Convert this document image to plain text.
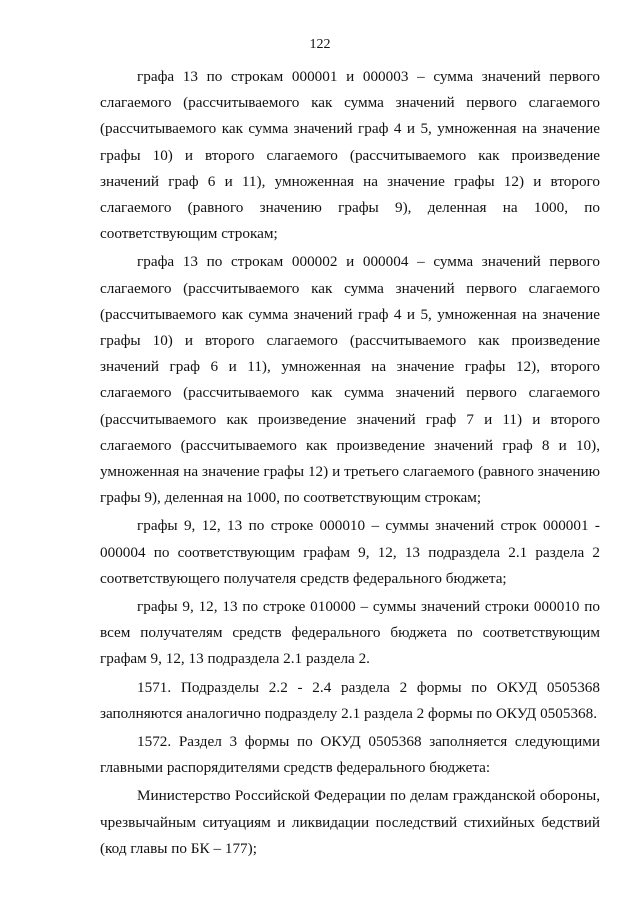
122

графа 13 по строкам 000001 и 000003 – сумма значений первого слагаемого (рассчитываемого как сумма значений первого слагаемого (рассчитываемого как сумма значений граф 4 и 5, умноженная на значение графы 10) и второго слагаемого (рассчитываемого как произведение значений граф 6 и 11), умноженная на значение графы 12) и второго слагаемого (равного значению графы 9), деленная на 1000, по соответствующим строкам;

графа 13 по строкам 000002 и 000004 – сумма значений первого слагаемого (рассчитываемого как сумма значений первого слагаемого (рассчитываемого как сумма значений граф 4 и 5, умноженная на значение графы 10) и второго слагаемого (рассчитываемого как произведение значений граф 6 и 11), умноженная на значение графы 12), второго слагаемого (рассчитываемого как сумма значений первого слагаемого (рассчитываемого как произведение значений граф 7 и 11) и второго слагаемого (рассчитываемого как произведение значений граф 8 и 10), умноженная на значение графы 12) и третьего слагаемого (равного значению графы 9), деленная на 1000, по соответствующим строкам;

графы 9, 12, 13 по строке 000010 – суммы значений строк 000001 - 000004 по соответствующим графам 9, 12, 13 подраздела 2.1 раздела 2 соответствующего получателя средств федерального бюджета;

графы 9, 12, 13 по строке 010000 – суммы значений строки 000010 по всем получателям средств федерального бюджета по соответствующим графам 9, 12, 13 подраздела 2.1 раздела 2.

1571. Подразделы 2.2 - 2.4 раздела 2 формы по ОКУД 0505368 заполняются аналогично подразделу 2.1 раздела 2 формы по ОКУД 0505368.

1572. Раздел 3 формы по ОКУД 0505368 заполняется следующими главными распорядителями средств федерального бюджета:

Министерство Российской Федерации по делам гражданской обороны, чрезвычайным ситуациям и ликвидации последствий стихийных бедствий (код главы по БК – 177);
